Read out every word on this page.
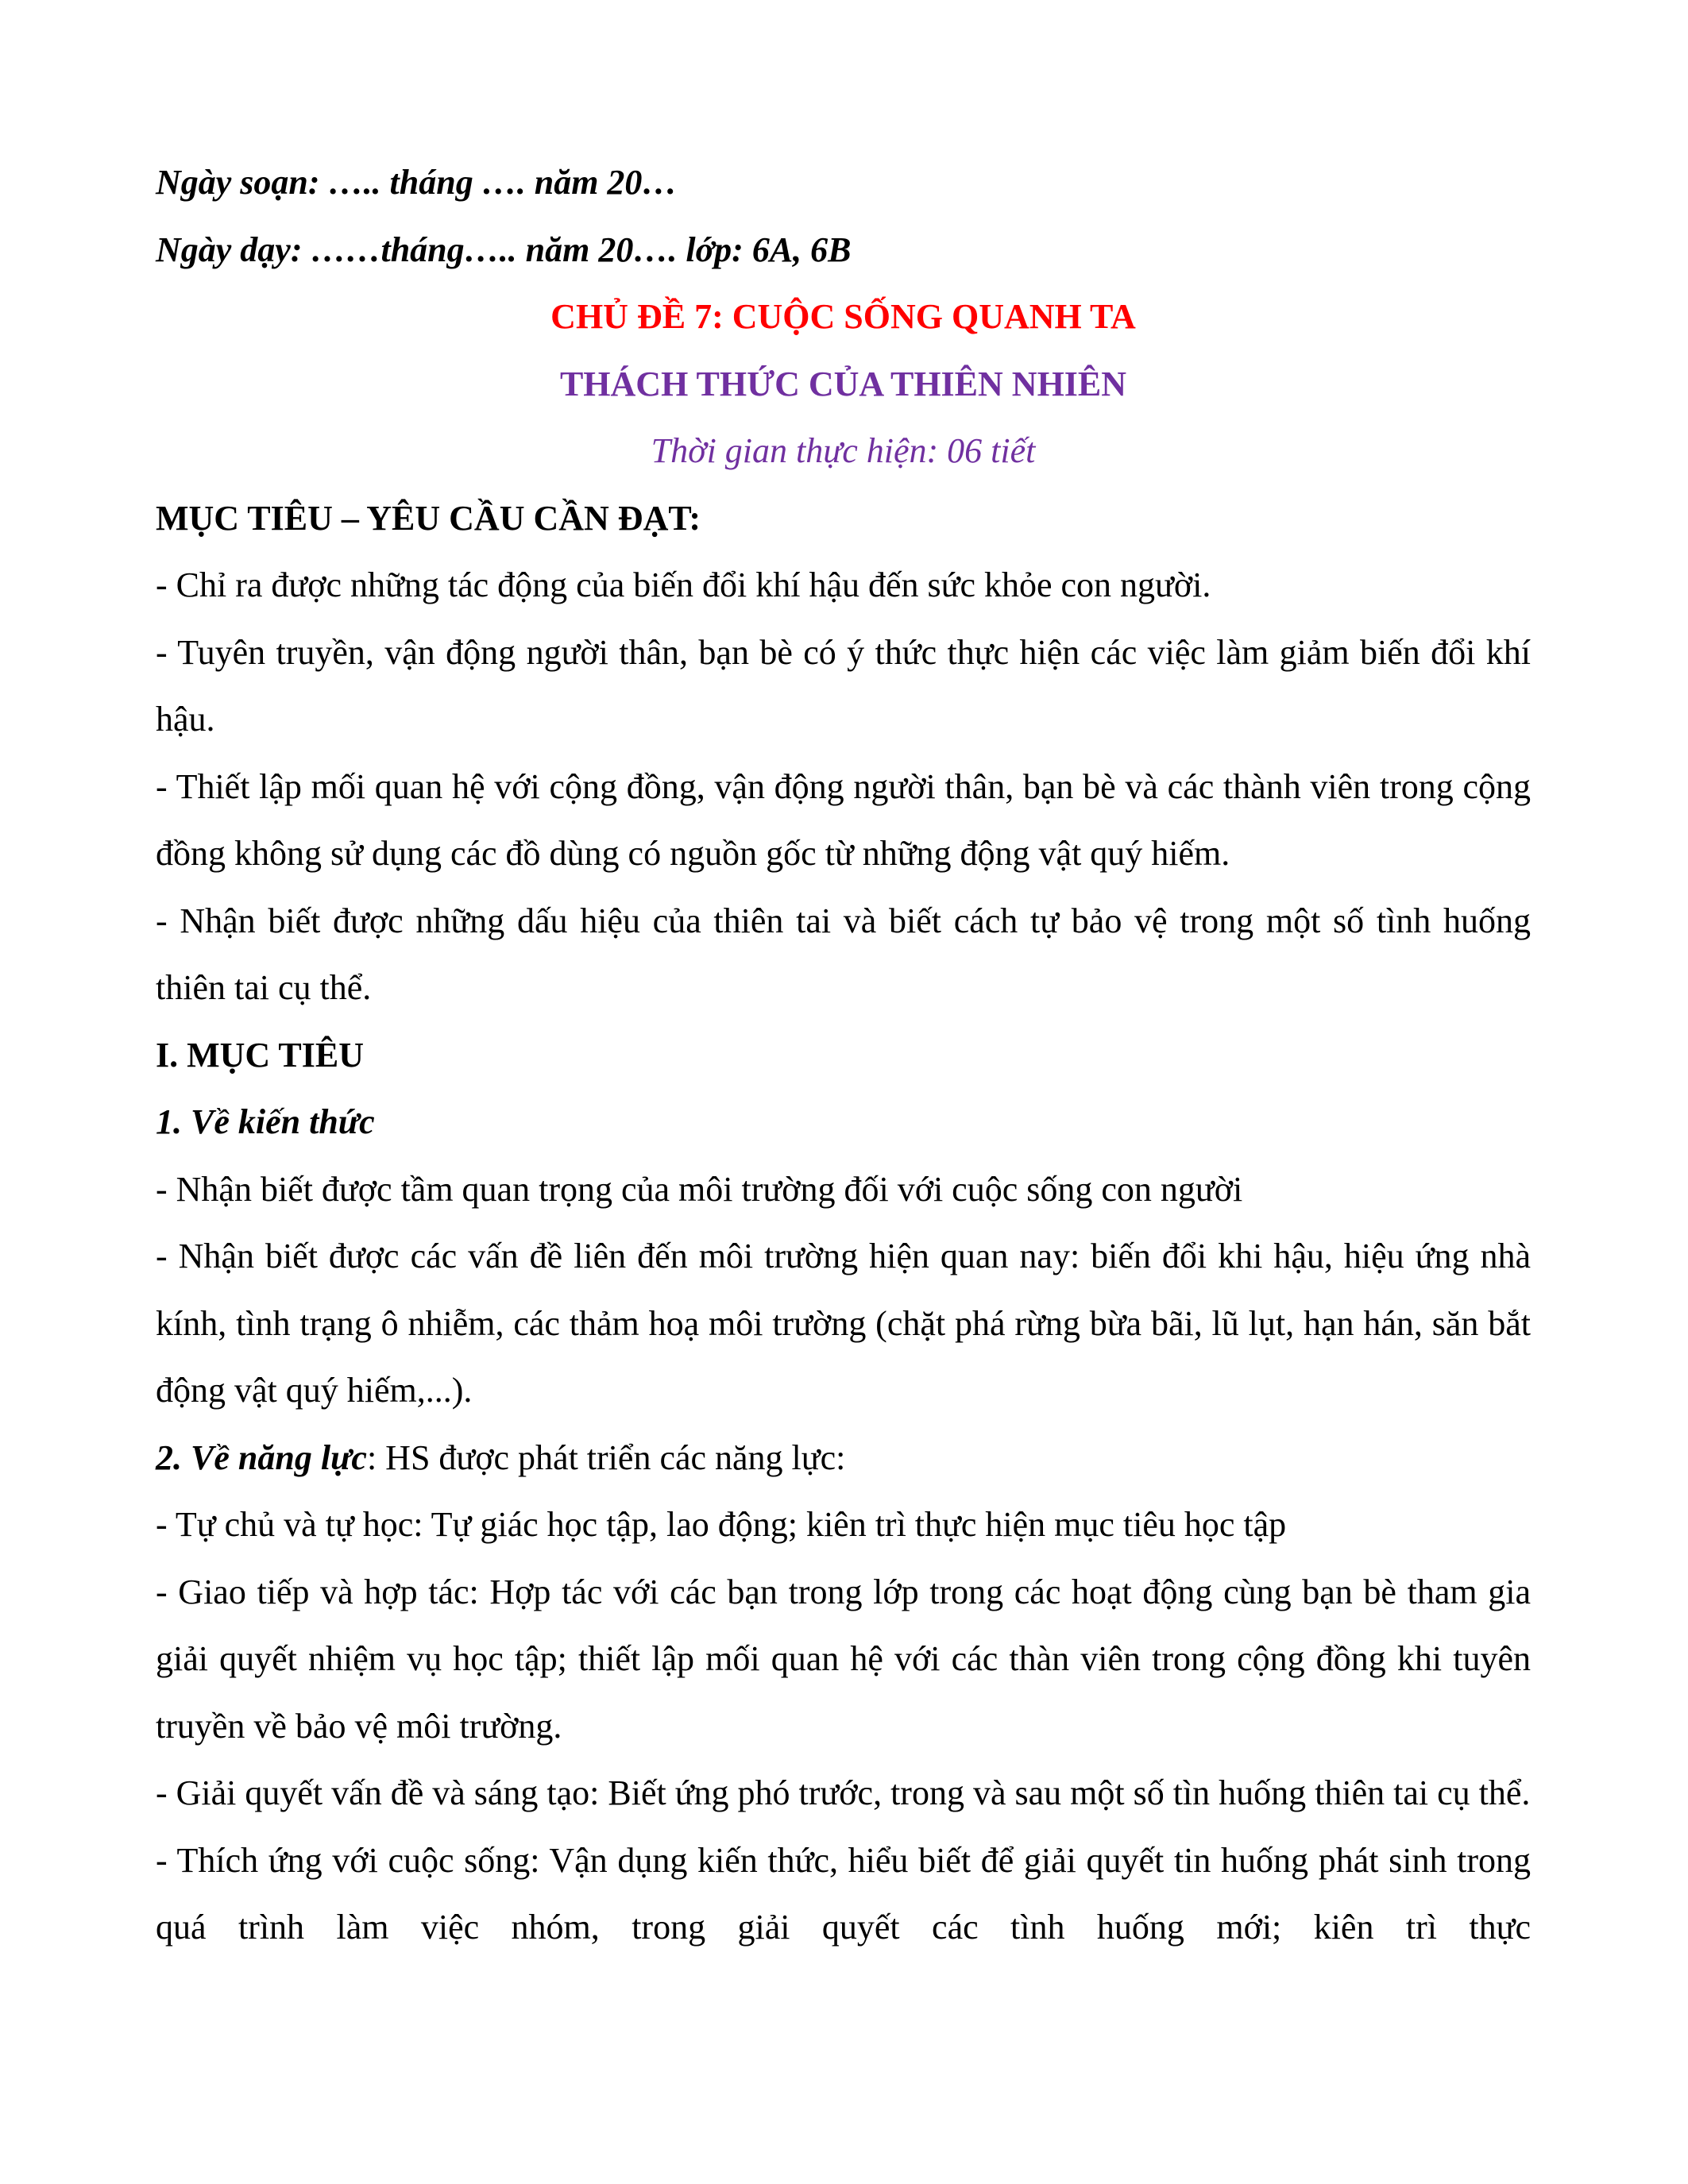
Ngày soạn: ….. tháng …. năm 20…
Ngày dạy: ……tháng….. năm 20…. lớp: 6A, 6B
CHỦ ĐỀ 7: CUỘC SỐNG QUANH TA
THÁCH THỨC CỦA THIÊN NHIÊN
Thời gian thực hiện: 06 tiết
MỤC TIÊU – YÊU CẦU CẦN ĐẠT:

- Chỉ ra được những tác động của biến đổi khí hậu đến sức khỏe con người.

- Tuyên truyền, vận động người thân, bạn bè có ý thức thực hiện các việc làm giảm biến đổi khí hậu.

- Thiết lập mối quan hệ với cộng đồng, vận động người thân, bạn bè và các thành viên trong cộng đồng không sử dụng các đồ dùng có nguồn gốc từ những động vật quý hiếm.

- Nhận biết được những dấu hiệu của thiên tai và biết cách tự bảo vệ trong một số tình huống thiên tai cụ thể.

I. MỤC TIÊU
1. Về kiến thức

- Nhận biết được tầm quan trọng của môi trường đối với cuộc sống con người

- Nhận biết được các vấn đề liên đến môi trường hiện quan nay: biến đổi khi hậu, hiệu ứng nhà kính, tình trạng ô nhiễm, các thảm hoạ môi trường (chặt phá rừng bừa bãi, lũ lụt, hạn hán, săn bắt động vật quý hiếm,...).

2. Về năng lực: HS được phát triển các năng lực:

- Tự chủ và tự học: Tự giác học tập, lao động; kiên trì thực hiện mục tiêu học tập

- Giao tiếp và hợp tác: Hợp tác với các bạn trong lớp trong các hoạt động cùng bạn bè tham gia giải quyết nhiệm vụ học tập; thiết lập mối quan hệ với các thàn viên trong cộng đồng khi tuyên truyền về bảo vệ môi trường.

- Giải quyết vấn đề và sáng tạo: Biết ứng phó trước, trong và sau một số tìn huống thiên tai cụ thể.

- Thích ứng với cuộc sống: Vận dụng kiến thức, hiểu biết để giải quyết tin huống phát sinh trong quá trình làm việc nhóm, trong giải quyết các tình huống mới; kiên trì thực
